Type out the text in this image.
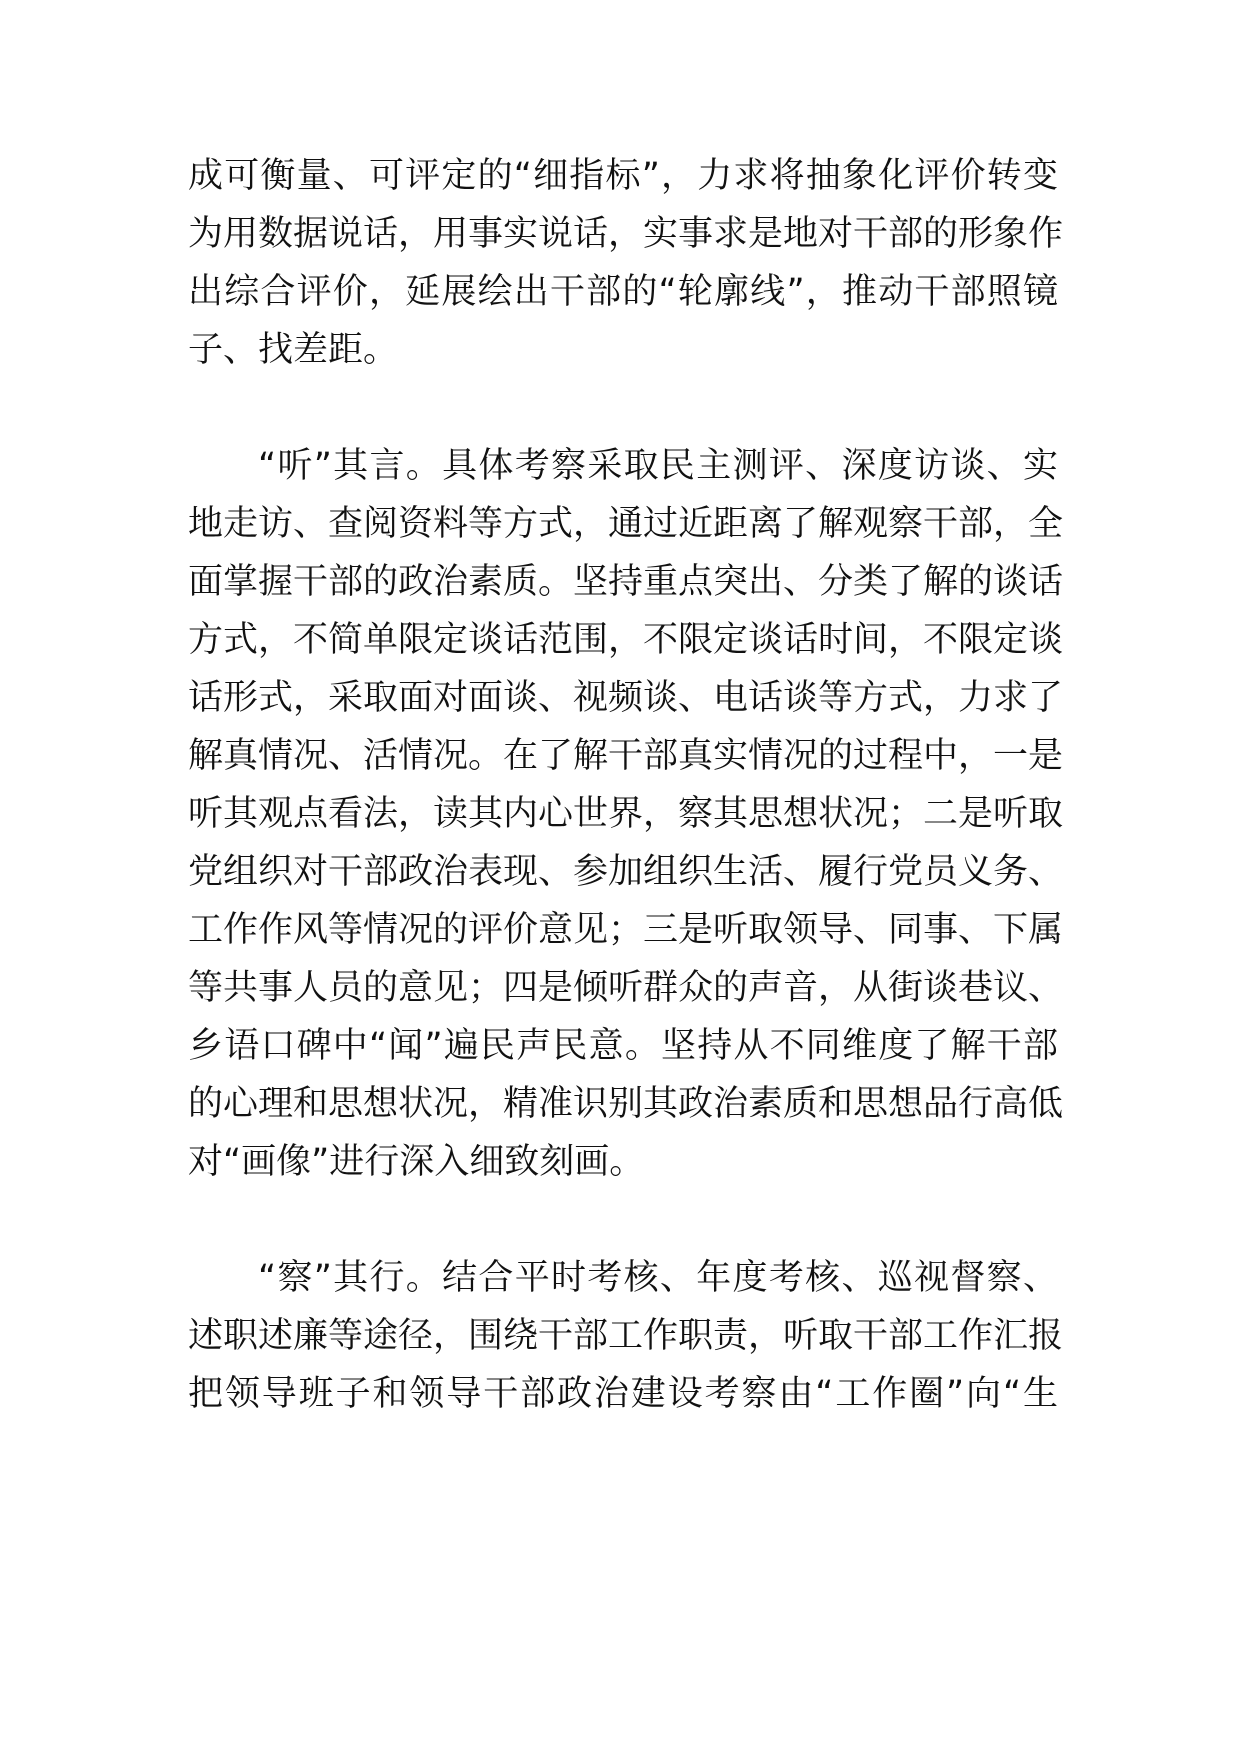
成可衡量、可评定的“细指标”，力求将抽象化评价转变
为用数据说话，用事实说话，实事求是地对干部的形象作
出综合评价，延展绘出干部的“轮廓线”，推动干部照镜
子、找差距。
“听”其言。具体考察采取民主测评、深度访谈、实
地走访、查阅资料等方式，通过近距离了解观察干部，全
面掌握干部的政治素质。坚持重点突出、分类了解的谈话
方式，不简单限定谈话范围，不限定谈话时间，不限定谈
话形式，采取面对面谈、视频谈、电话谈等方式，力求了
解真情况、活情况。在了解干部真实情况的过程中，一是
听其观点看法，读其内心世界，察其思想状况；二是听取
党组织对干部政治表现、参加组织生活、履行党员义务、
工作作风等情况的评价意见；三是听取领导、同事、下属
等共事人员的意见；四是倾听群众的声音，从街谈巷议、
乡语口碑中“闻”遍民声民意。坚持从不同维度了解干部
的心理和思想状况，精准识别其政治素质和思想品行高低
对“画像”进行深入细致刻画。
“察”其行。结合平时考核、年度考核、巡视督察、
述职述廉等途径，围绕干部工作职责，听取干部工作汇报
把领导班子和领导干部政治建设考察由“工作圈”向“生
